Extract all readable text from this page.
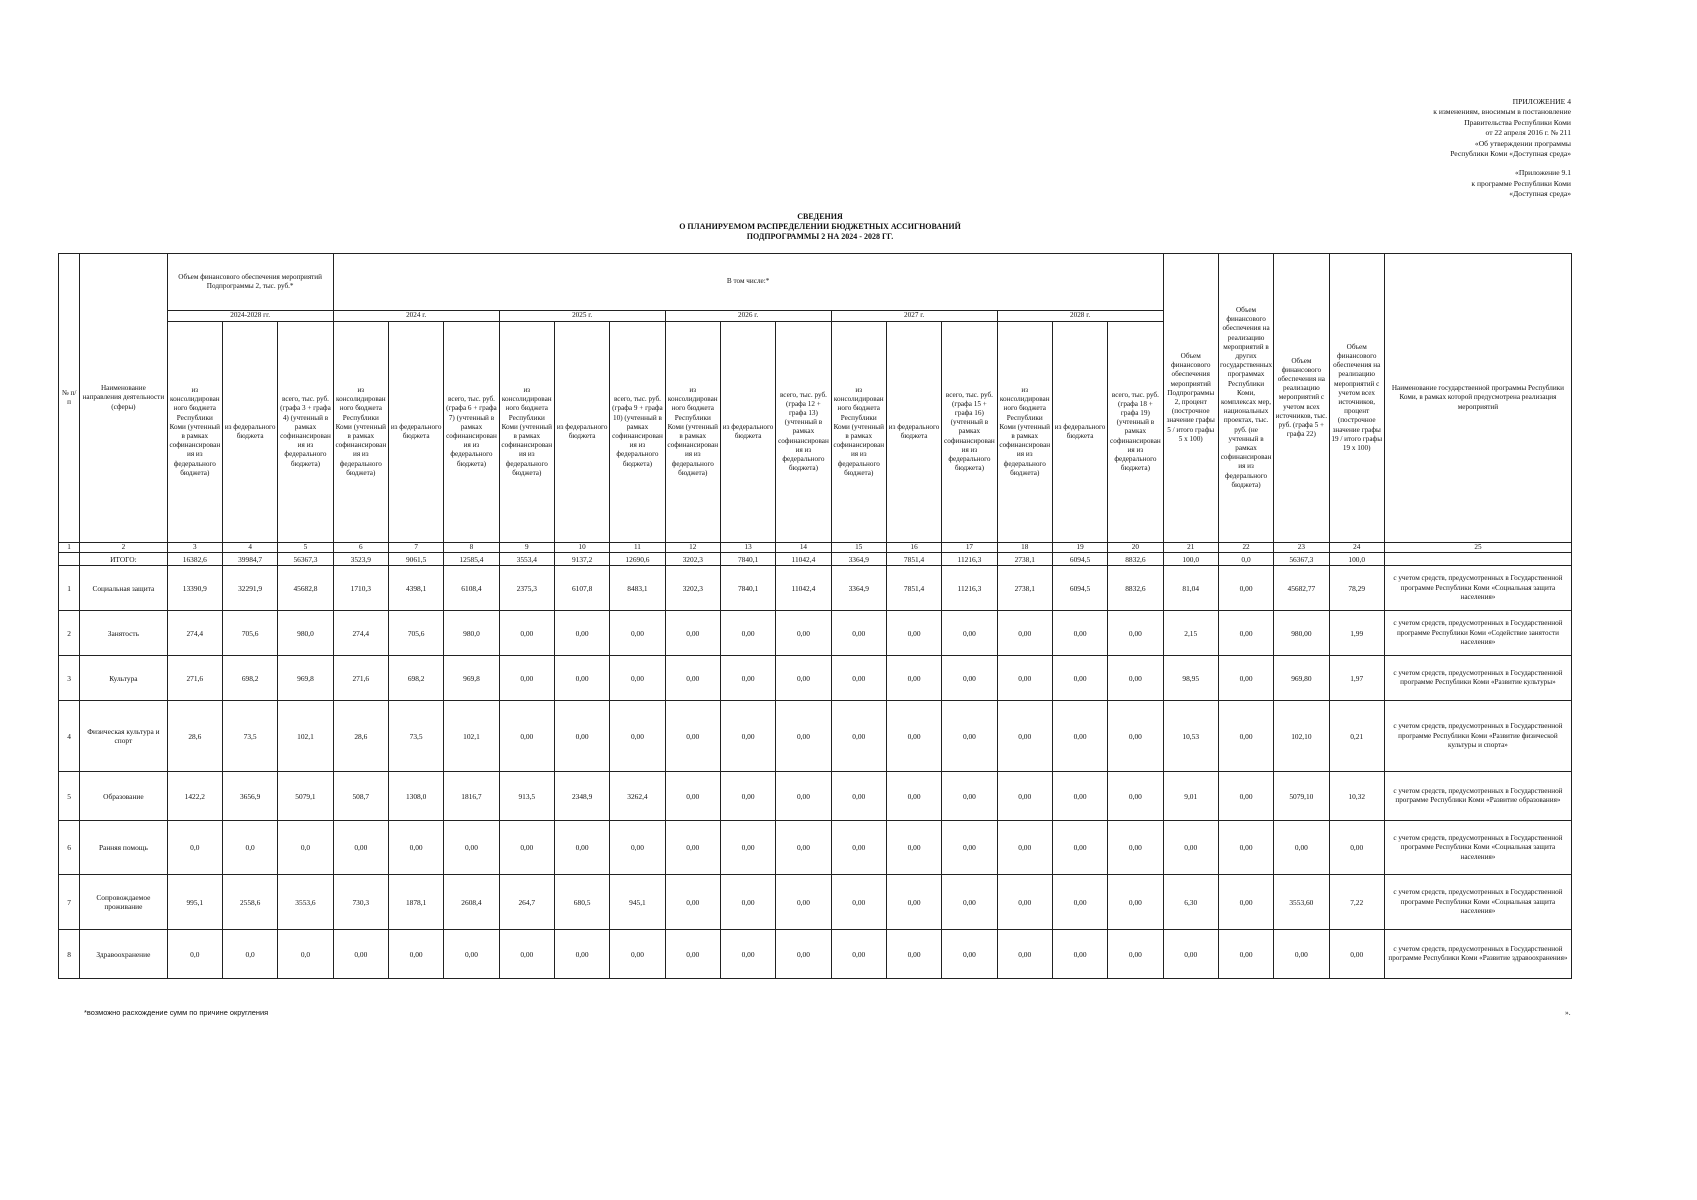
ПРИЛОЖЕНИЕ 4
к изменениям, вносимым в постановление
Правительства Республики Коми
от 22 апреля 2016 г. № 211
«Об утверждении программы
Республики Коми «Доступная среда»
«Приложение 9.1
к программе Республики Коми
«Доступная среда»
СВЕДЕНИЯ
О ПЛАНИРУЕМОМ РАСПРЕДЕЛЕНИИ БЮДЖЕТНЫХ АССИГНОВАНИЙ
ПОДПРОГРАММЫ 2 НА 2024 - 2028 ГГ.
№ п/п	Наименование направления деятельности (сферы)	Объем финансового обеспечения мероприятий Подпрограммы 2, тыс. руб.*			В том числе:*															Объем финансового обеспечения мероприятий Подпрограммы 2, процент (построчное значение графы 5 / итого графы 5 х 100)	Объем финансового обеспечения на реализацию мероприятий в других государственных программах Республики Коми, комплексах мер, национальных проектах, тыс. руб. (не учтенный в рамках софинансирования из федерального бюджета)	Объем финансового обеспечения на реализацию мероприятий с учетом всех источников, тыс. руб. (графа 5 + графа 22)	Объем финансового обеспечения на реализацию мероприятий с учетом всех источников, процент (построчное значение графы 19 / итого графы 19 х 100)	Наименование государственной программы Республики Коми, в рамках которой предусмотрена реализация мероприятий
		2024-2028 гг.			2024 г.			2025 г.			2026 г.			2027 г.			2028 г.							
		из консолидированного бюджета Республики Коми (учтенный в рамках софинансирования из федерального бюджета)	из федерального бюджета	всего, тыс. руб. (графа 3 + графа 4) (учтенный в рамках софинансирования из федерального бюджета)	из консолидированного бюджета Республики Коми (учтенный в рамках софинансирования из федерального бюджета)	из федерального бюджета	всего, тыс. руб. (графа 6 + графа 7) (учтенный в рамках софинансирования из федерального бюджета)	из консолидированного бюджета Республики Коми (учтенный в рамках софинансирования из федерального бюджета)	из федерального бюджета	всего, тыс. руб. (графа 9 + графа 10) (учтенный в рамках софинансирования из федерального бюджета)	из консолидированного бюджета Республики Коми (учтенный в рамках софинансирования из федерального бюджета)	из федерального бюджета	всего, тыс. руб. (графа 12 + графа 13) (учтенный в рамках софинансирования из федерального бюджета)	из консолидированного бюджета Республики Коми (учтенный в рамках софинансирования из федерального бюджета)	из федерального бюджета	всего, тыс. руб. (графа 15 + графа 16) (учтенный в рамках софинансирования из федерального бюджета)	из консолидированного бюджета Республики Коми (учтенный в рамках софинансирования из федерального бюджета)	из федерального бюджета	всего, тыс. руб. (графа 18 + графа 19) (учтенный в рамках софинансирования из федерального бюджета)					
1	2	3	4	5	6	7	8	9	10	11	12	13	14	15	16	17	18	19	20	21	22	23	24	25
	ИТОГО:	16382,6	39984,7	56367,3	3523,9	9061,5	12585,4	3553,4	9137,2	12690,6	3202,3	7840,1	11042,4	3364,9	7851,4	11216,3	2738,1	6094,5	8832,6	100,0	0,0	56367,3	100,0	
1	Социальная защита	13390,9	32291,9	45682,8	1710,3	4398,1	6108,4	2375,3	6107,8	8483,1	3202,3	7840,1	11042,4	3364,9	7851,4	11216,3	2738,1	6094,5	8832,6	81,04	0,00	45682,77	78,29	с учетом средств, предусмотренных в Государственной программе Республики Коми «Социальная защита населения»
2	Занятость	274,4	705,6	980,0	274,4	705,6	980,0	0,00	0,00	0,00	0,00	0,00	0,00	0,00	0,00	0,00	0,00	0,00	0,00	2,15	0,00	980,00	1,99	с учетом средств, предусмотренных в Государственной программе Республики Коми «Содействие занятости населения»
3	Культура	271,6	698,2	969,8	271,6	698,2	969,8	0,00	0,00	0,00	0,00	0,00	0,00	0,00	0,00	0,00	0,00	0,00	0,00	98,95	0,00	969,80	1,97	с учетом средств, предусмотренных в Государственной программе Республики Коми «Развитие культуры»
4	Физическая культура и спорт	28,6	73,5	102,1	28,6	73,5	102,1	0,00	0,00	0,00	0,00	0,00	0,00	0,00	0,00	0,00	0,00	0,00	0,00	10,53	0,00	102,10	0,21	с учетом средств, предусмотренных в Государственной программе Республики Коми «Развитие физической культуры и спорта»
5	Образование	1422,2	3656,9	5079,1	508,7	1308,0	1816,7	913,5	2348,9	3262,4	0,00	0,00	0,00	0,00	0,00	0,00	0,00	0,00	0,00	9,01	0,00	5079,10	10,32	с учетом средств, предусмотренных в Государственной программе Республики Коми «Развитие образования»
6	Ранняя помощь	0,0	0,0	0,0	0,00	0,00	0,00	0,00	0,00	0,00	0,00	0,00	0,00	0,00	0,00	0,00	0,00	0,00	0,00	0,00	0,00	0,00	0,00	с учетом средств, предусмотренных в Государственной программе Республики Коми «Социальная защита населения»
7	Сопровождаемое проживание	995,1	2558,6	3553,6	730,3	1878,1	2608,4	264,7	680,5	945,1	0,00	0,00	0,00	0,00	0,00	0,00	0,00	0,00	0,00	6,30	0,00	3553,60	7,22	с учетом средств, предусмотренных в Государственной программе Республики Коми «Социальная защита населения»
8	Здравоохранение	0,0	0,0	0,0	0,00	0,00	0,00	0,00	0,00	0,00	0,00	0,00	0,00	0,00	0,00	0,00	0,00	0,00	0,00	0,00	0,00	0,00	0,00	с учетом средств, предусмотренных в Государственной программе Республики Коми «Развитие здравоохранения»
*возможно расхождение сумм по причине округления	».
